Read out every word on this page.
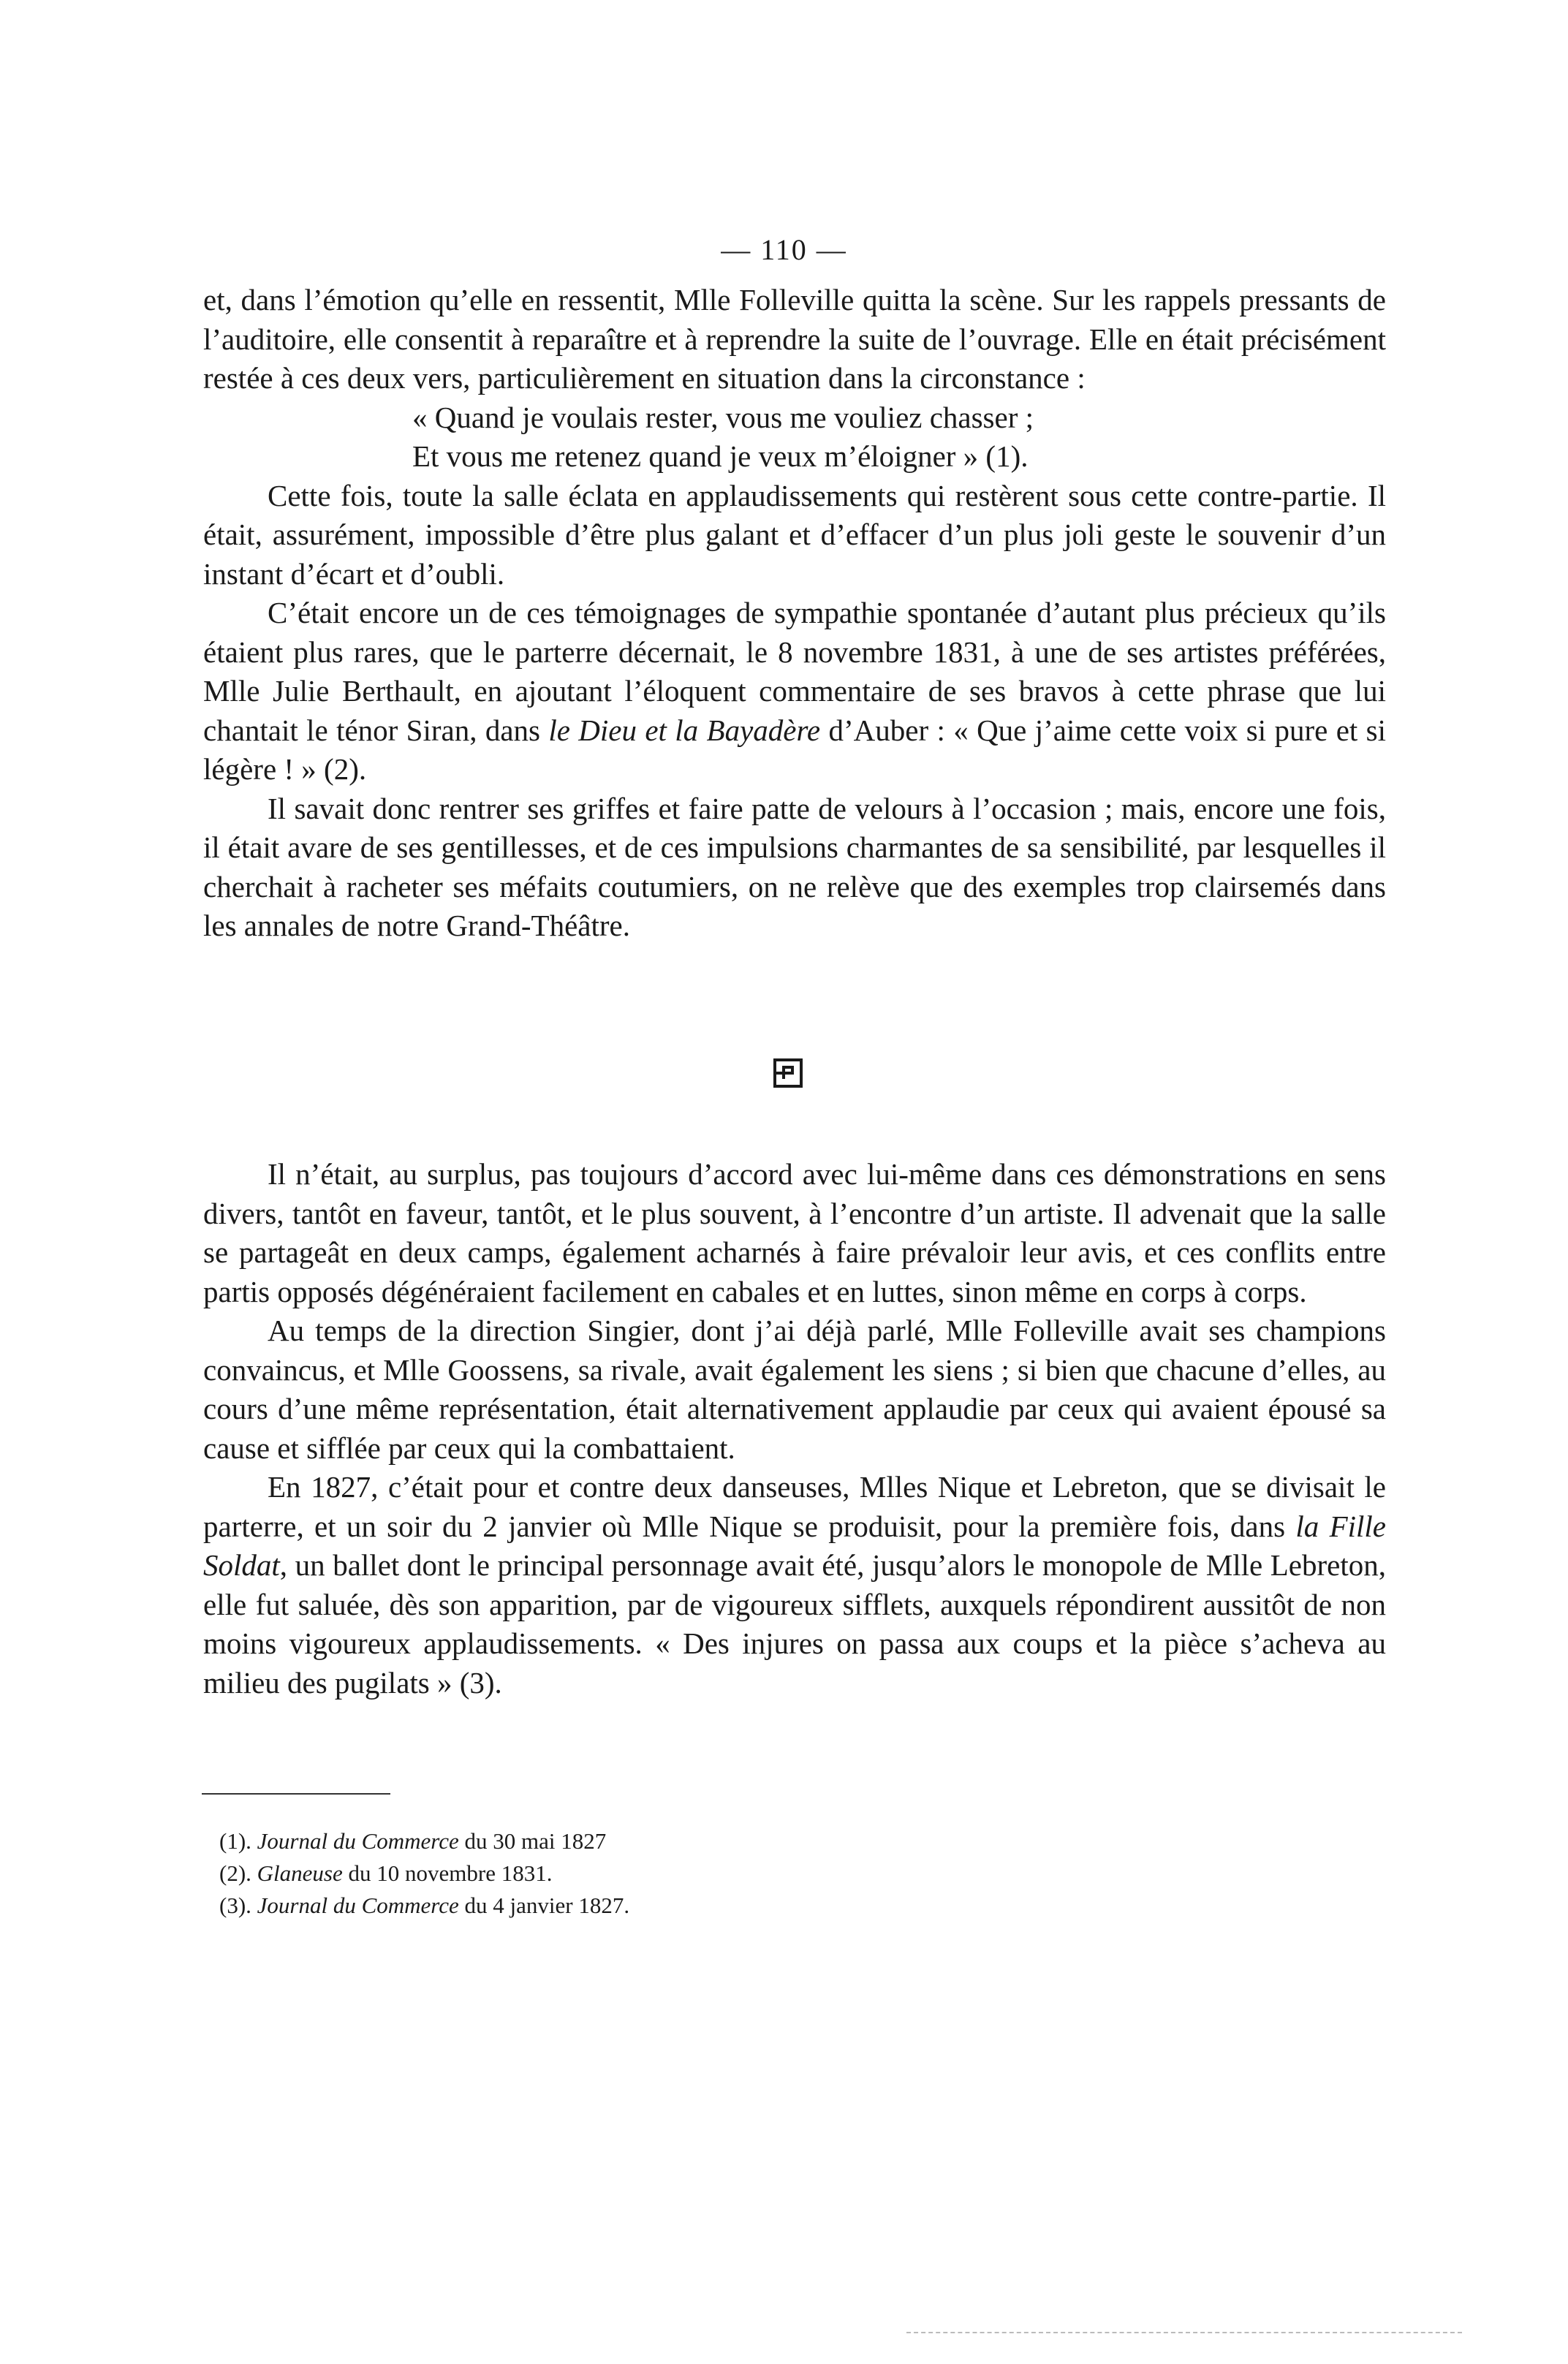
— 110 —

et, dans l’émotion qu’elle en ressentit, Mlle Folleville quitta la scène. Sur les rappels pressants de l’auditoire, elle consentit à reparaître et à reprendre la suite de l’ouvrage. Elle en était précisément restée à ces deux vers, particulièrement en situation dans la circonstance :

« Quand je voulais rester, vous me vouliez chasser ;

Et vous me retenez quand je veux m’éloigner » (1).

Cette fois, toute la salle éclata en applaudissements qui restèrent sous cette contre-partie. Il était, assurément, impossible d’être plus galant et d’effacer d’un plus joli geste le souvenir d’un instant d’écart et d’oubli.

C’était encore un de ces témoignages de sympathie spontanée d’autant plus précieux qu’ils étaient plus rares, que le parterre décernait, le 8 novembre 1831, à une de ses artistes préférées, Mlle Julie Berthault, en ajoutant l’éloquent commentaire de ses bravos à cette phrase que lui chantait le ténor Siran, dans le Dieu et la Bayadère d’Auber : « Que j’aime cette voix si pure et si légère ! » (2).

Il savait donc rentrer ses griffes et faire patte de velours à l’occasion ; mais, encore une fois, il était avare de ses gentillesses, et de ces impulsions charmantes de sa sensibilité, par lesquelles il cherchait à racheter ses méfaits coutumiers, on ne relève que des exemples trop clairsemés dans les annales de notre Grand-Théâtre.

Il n’était, au surplus, pas toujours d’accord avec lui-même dans ces démonstrations en sens divers, tantôt en faveur, tantôt, et le plus souvent, à l’encontre d’un artiste. Il advenait que la salle se partageât en deux camps, également acharnés à faire prévaloir leur avis, et ces conflits entre partis opposés dégénéraient facilement en cabales et en luttes, sinon même en corps à corps.

Au temps de la direction Singier, dont j’ai déjà parlé, Mlle Folleville avait ses champions convaincus, et Mlle Goossens, sa rivale, avait également les siens ; si bien que chacune d’elles, au cours d’une même représentation, était alternativement applaudie par ceux qui avaient épousé sa cause et sifflée par ceux qui la combattaient.

En 1827, c’était pour et contre deux danseuses, Mlles Nique et Lebreton, que se divisait le parterre, et un soir du 2 janvier où Mlle Nique se produisit, pour la première fois, dans la Fille Soldat, un ballet dont le principal personnage avait été, jusqu’alors le monopole de Mlle Lebreton, elle fut saluée, dès son apparition, par de vigoureux sifflets, auxquels répondirent aussitôt de non moins vigoureux applaudissements. « Des injures on passa aux coups et la pièce s’acheva au milieu des pugilats » (3).

(1). Journal du Commerce du 30 mai 1827

(2). Glaneuse du 10 novembre 1831.

(3). Journal du Commerce du 4 janvier 1827.
